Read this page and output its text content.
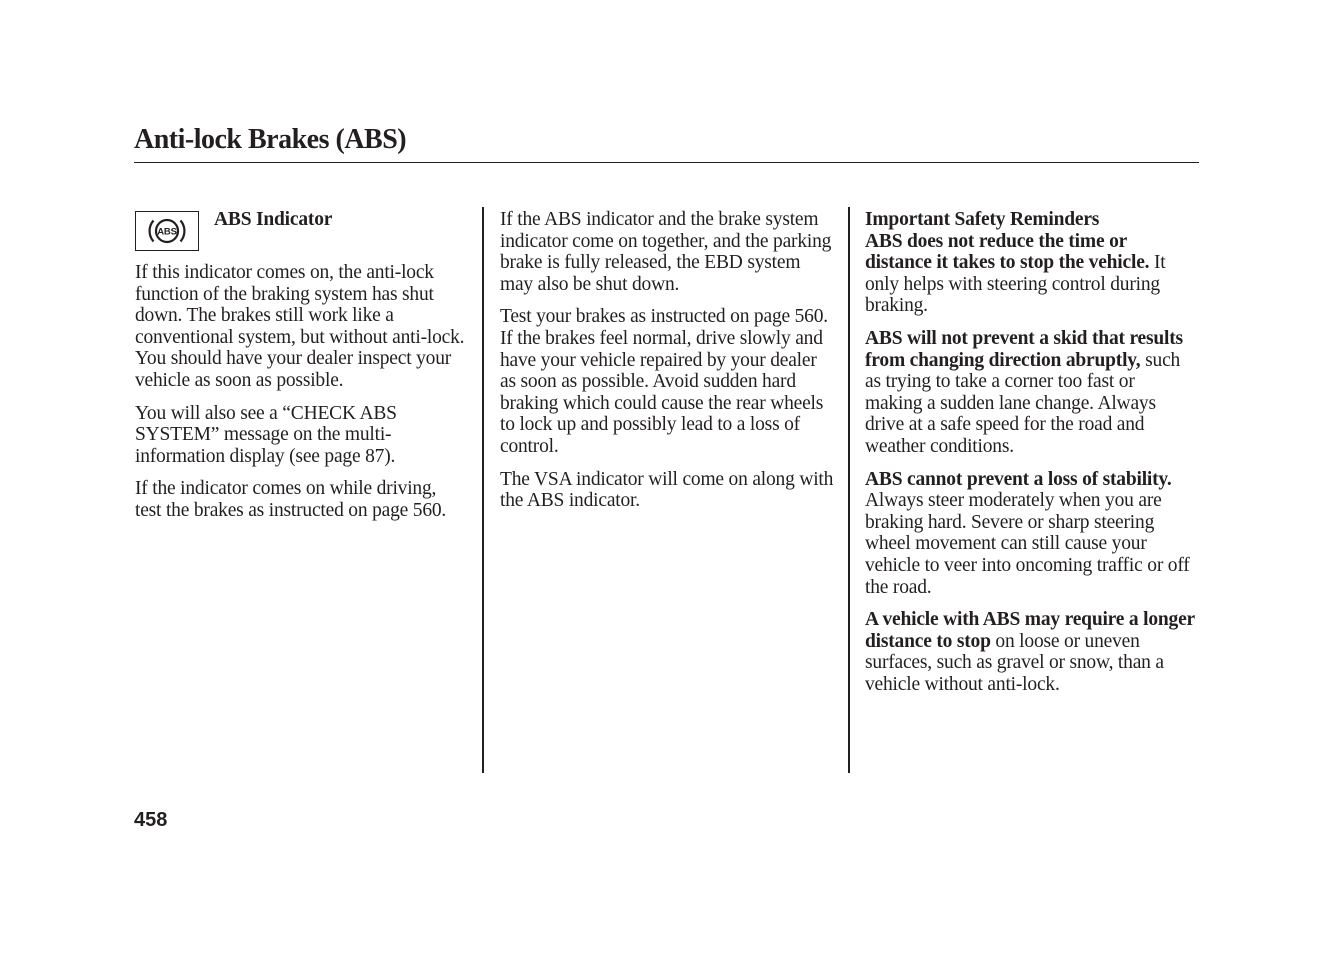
Anti-lock Brakes (ABS)
ABS
ABS Indicator

If this indicator comes on, the anti-lock function of the braking system has shut down. The brakes still work like a conventional system, but without anti-lock. You should have your dealer inspect your vehicle as soon as possible.

You will also see a “CHECK ABS SYSTEM” message on the multi-information display (see page 87).

If the indicator comes on while driving, test the brakes as instructed on page 560.

If the ABS indicator and the brake system indicator come on together, and the parking brake is fully released, the EBD system may also be shut down.

Test your brakes as instructed on page 560. If the brakes feel normal, drive slowly and have your vehicle repaired by your dealer as soon as possible. Avoid sudden hard braking which could cause the rear wheels to lock up and possibly lead to a loss of control.

The VSA indicator will come on along with the ABS indicator.

Important Safety Reminders

ABS does not reduce the time or distance it takes to stop the vehicle. It only helps with steering control during braking.

ABS will not prevent a skid that results from changing direction abruptly, such as trying to take a corner too fast or making a sudden lane change. Always drive at a safe speed for the road and weather conditions.

ABS cannot prevent a loss of stability. Always steer moderately when you are braking hard. Severe or sharp steering wheel movement can still cause your vehicle to veer into oncoming traffic or off the road.

A vehicle with ABS may require a longer distance to stop on loose or uneven surfaces, such as gravel or snow, than a vehicle without anti-lock.

458
